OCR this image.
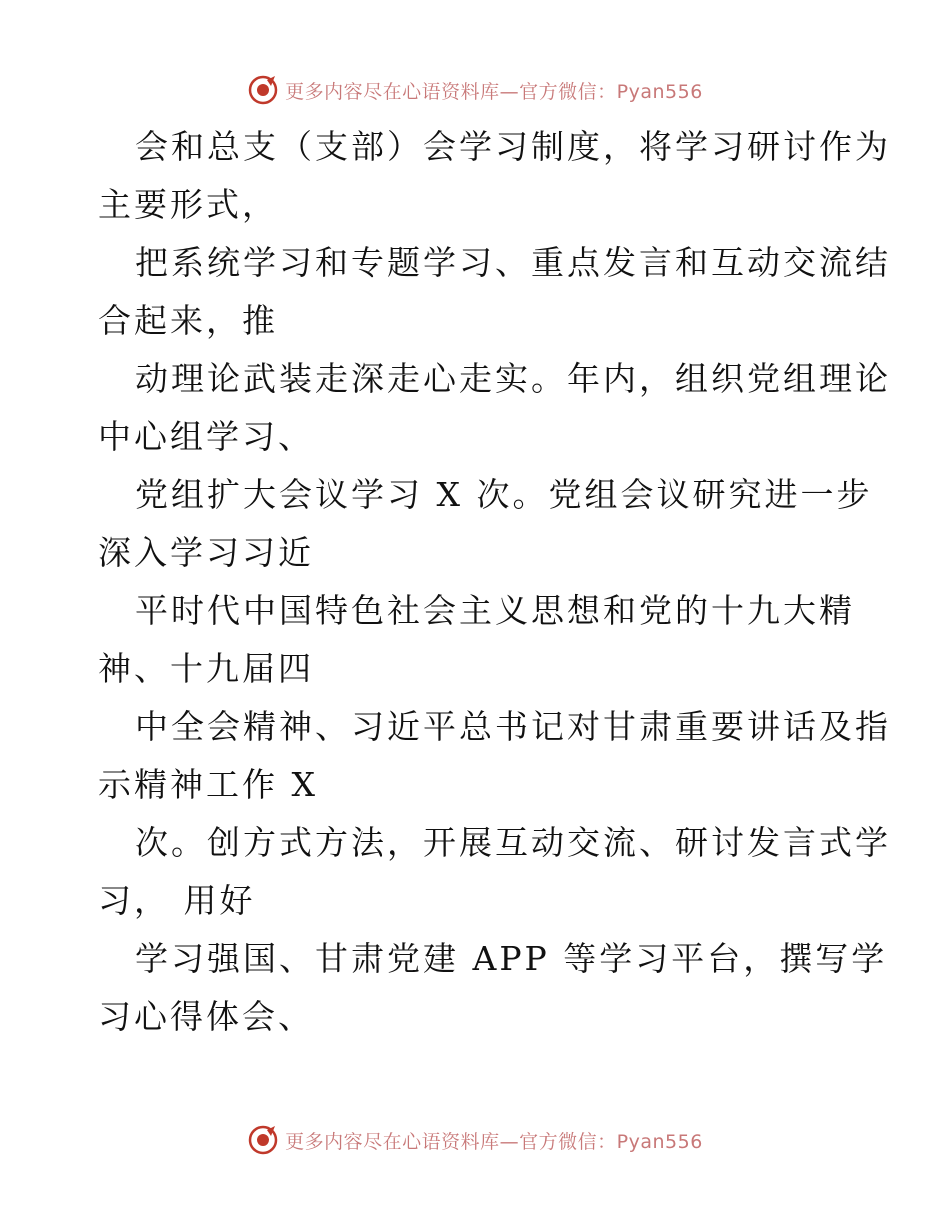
更多内容尽在心语资料库—官方微信：Pyan556
会和总支（支部）会学习制度，将学习研讨作为
主要形式，
把系统学习和专题学习、重点发言和互动交流结
合起来，推
动理论武装走深走心走实。年内，组织党组理论
中心组学习、
党组扩大会议学习 X 次。党组会议研究进一步
深入学习习近
平时代中国特色社会主义思想和党的十九大精
神、十九届四
中全会精神、习近平总书记对甘肃重要讲话及指
示精神工作 X
次。创方式方法，开展互动交流、研讨发言式学
习， 用好
学习强国、甘肃党建 APP 等学习平台，撰写学
习心得体会、
更多内容尽在心语资料库—官方微信：Pyan556
